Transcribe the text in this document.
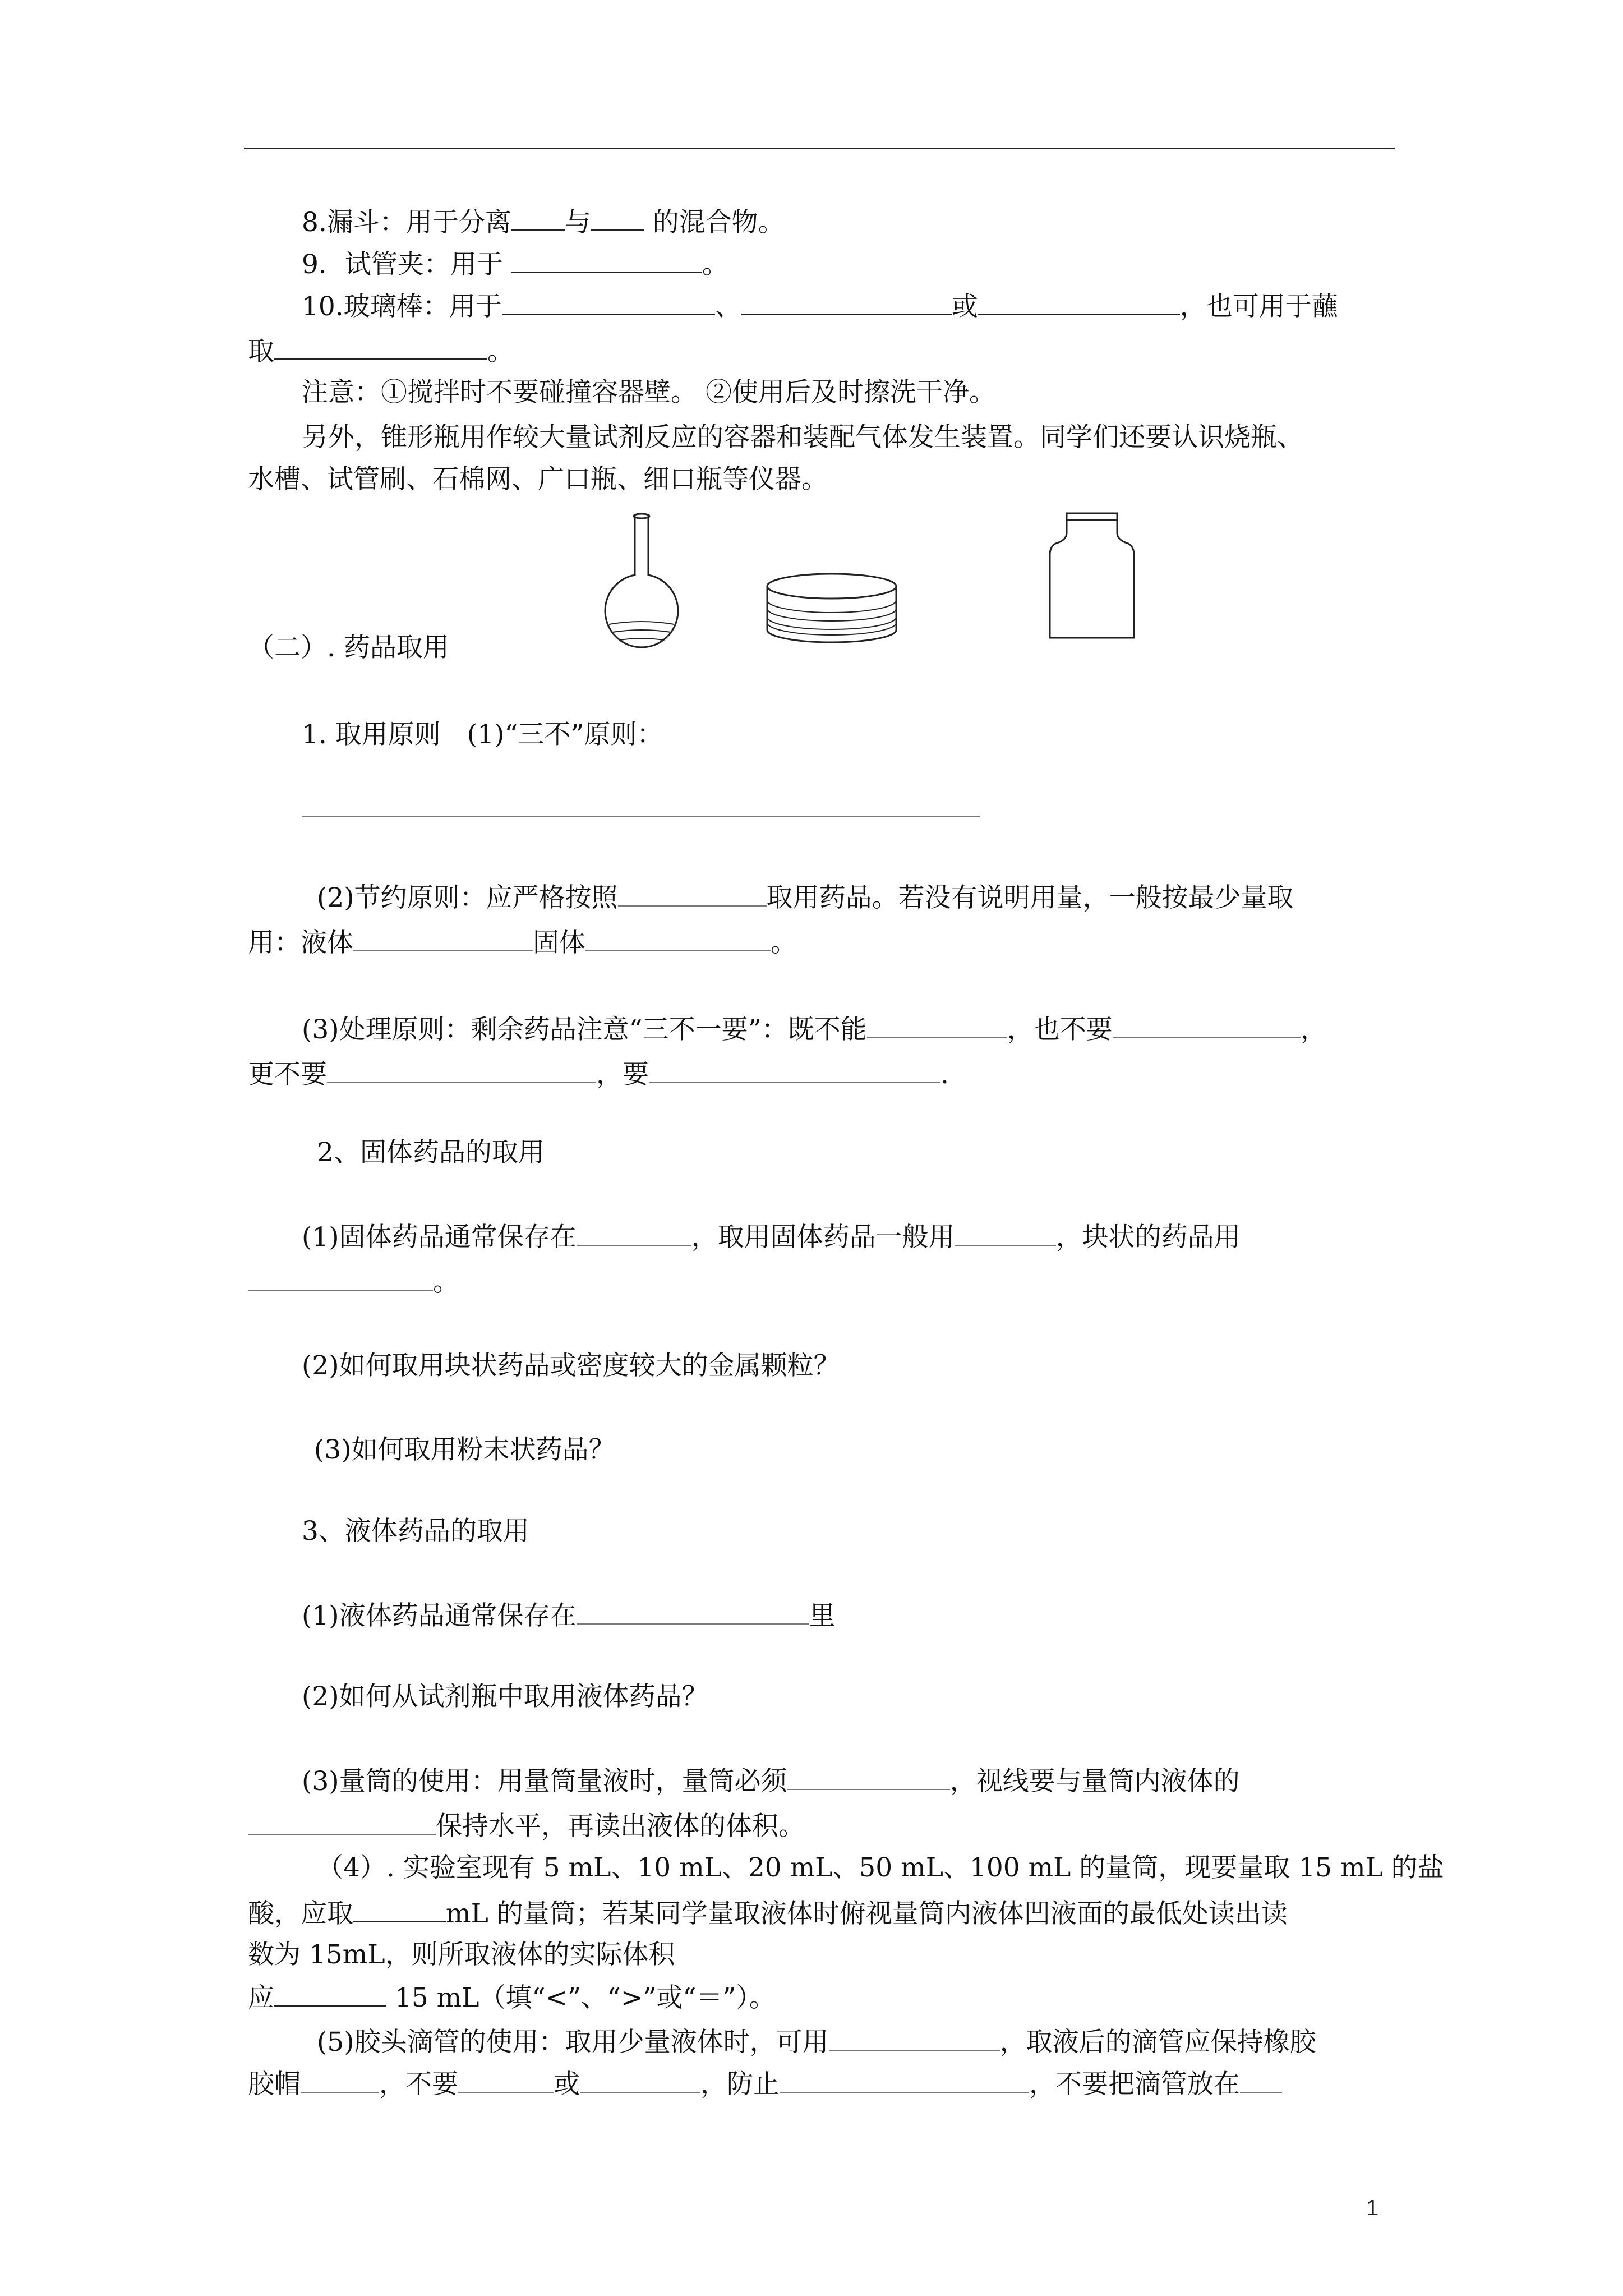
8.漏斗：用于分离 与 的混合物。
9．试管夹：用于	。
10.玻璃棒：用于	、	或	，也可用于蘸
取	。
注意：①搅拌时不要碰撞容器壁。 ②使用后及时擦洗干净。
另外，锥形瓶用作较大量试剂反应的容器和装配气体发生装置。同学们还要认识烧瓶、
水槽、试管刷、石棉网、广口瓶、细口瓶等仪器。
（二）. 药品取用
1. 取用原则　(1)“三不”原则：
(2)节约原则：应严格按照	取用药品。若没有说明用量，一般按最少量取
用：液体	固体	。
(3)处理原则：剩余药品注意“三不一要”：既不能	，也不要	，
更不要	，要	.
2、固体药品的取用
(1)固体药品通常保存在	，取用固体药品一般用	，块状的药品用
。
(2)如何取用块状药品或密度较大的金属颗粒？
(3)如何取用粉末状药品？
3、液体药品的取用
(1)液体药品通常保存在	里
(2)如何从试剂瓶中取用液体药品？
(3)量筒的使用：用量筒量液时，量筒必须	，视线要与量筒内液体的
保持水平，再读出液体的体积。
（4）. 实验室现有 5 mL、10 mL、20 mL、50 mL、100 mL 的量筒，现要量取 15 mL 的盐
酸，应取	mL 的量筒；若某同学量取液体时俯视量筒内液体凹液面的最低处读出读
数为 15mL，则所取液体的实际体积
应	15 mL（填“<”、“>”或“＝”）。
(5)胶头滴管的使用：取用少量液体时，可用	，取液后的滴管应保持橡胶
胶帽	，不要	或	，防止	，不要把滴管放在
1
